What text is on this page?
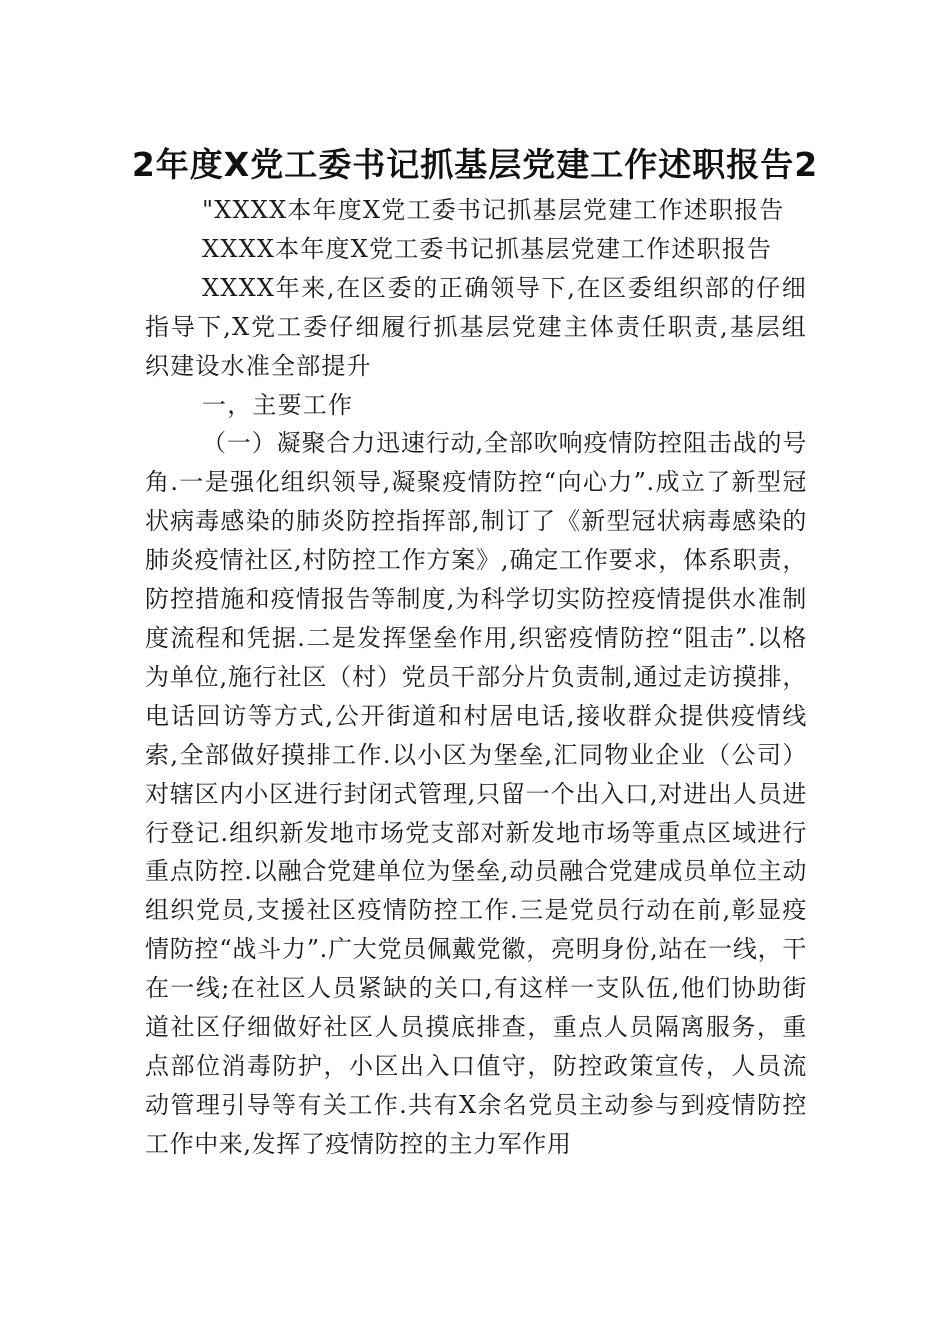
2年度X党工委书记抓基层党建工作述职报告2

"XXXX本年度X党工委书记抓基层党建工作述职报告

XXXX本年度X党工委书记抓基层党建工作述职报告

XXXX年来,在区委的正确领导下,在区委组织部的仔细指导下,X党工委仔细履行抓基层党建主体责任职责,基层组织建设水准全部提升

一，主要工作

（一）凝聚合力迅速行动,全部吹响疫情防控阻击战的号角.一是强化组织领导,凝聚疫情防控“向心力”.成立了新型冠状病毒感染的肺炎防控指挥部,制订了《新型冠状病毒感染的肺炎疫情社区,村防控工作方案》,确定工作要求，体系职责，防控措施和疫情报告等制度,为科学切实防控疫情提供水准制度流程和凭据.二是发挥堡垒作用,织密疫情防控“阻击”.以格为单位,施行社区（村）党员干部分片负责制,通过走访摸排，电话回访等方式,公开街道和村居电话,接收群众提供疫情线索,全部做好摸排工作.以小区为堡垒,汇同物业企业（公司）对辖区内小区进行封闭式管理,只留一个出入口,对进出人员进行登记.组织新发地市场党支部对新发地市场等重点区域进行重点防控.以融合党建单位为堡垒,动员融合党建成员单位主动组织党员,支援社区疫情防控工作.三是党员行动在前,彰显疫情防控“战斗力”.广大党员佩戴党徽，亮明身份,站在一线，干在一线;在社区人员紧缺的关口,有这样一支队伍,他们协助街道社区仔细做好社区人员摸底排查，重点人员隔离服务，重点部位消毒防护，小区出入口值守，防控政策宣传，人员流动管理引导等有关工作.共有X余名党员主动参与到疫情防控工作中来,发挥了疫情防控的主力军作用
